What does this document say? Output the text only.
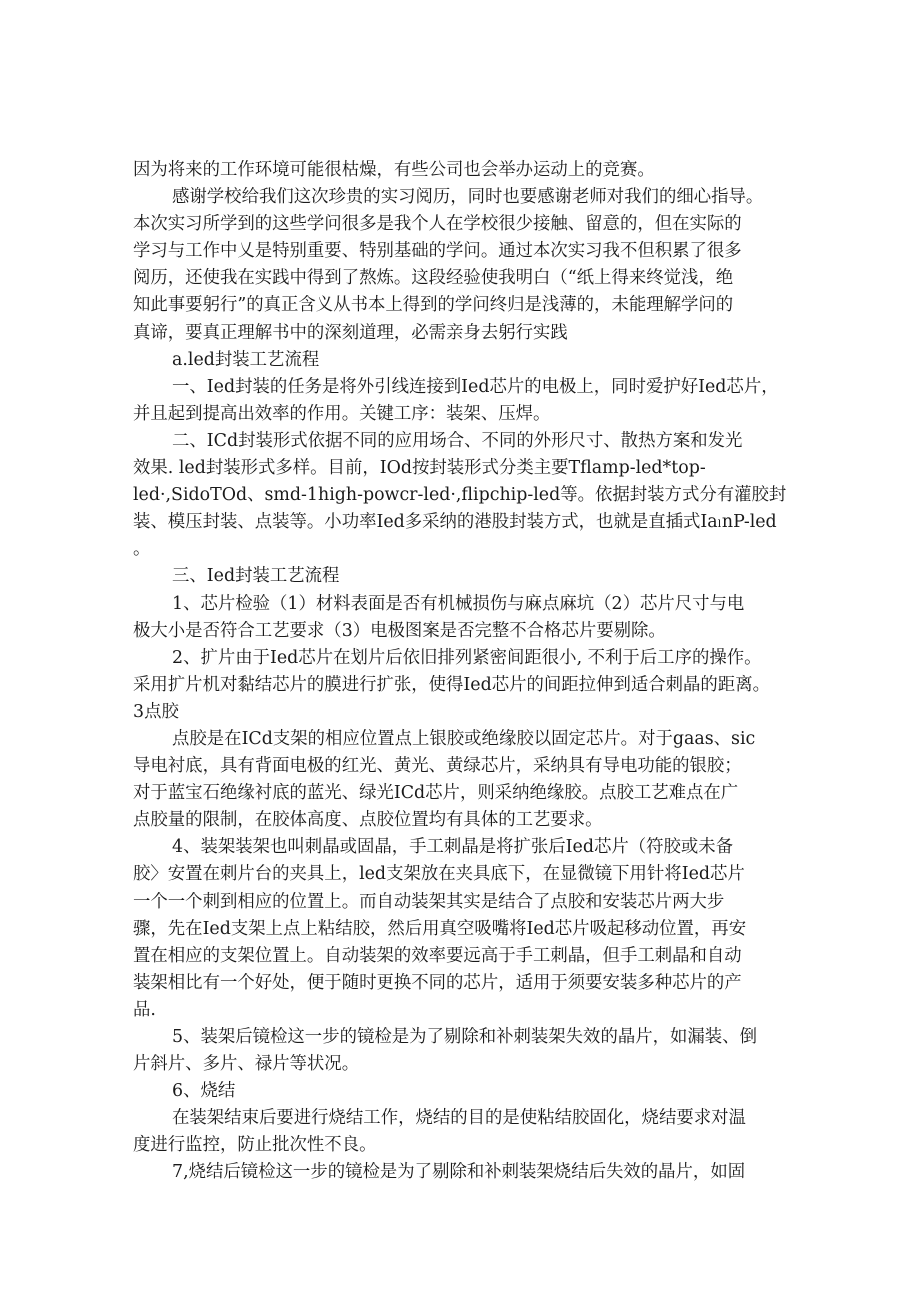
因为将来的工作环境可能很枯燥，有些公司也会举办运动上的竞赛。
感谢学校给我们这次珍贵的实习阅历，同时也要感谢老师对我们的细心指导。
本次实习所学到的这些学问很多是我个人在学校很少接触、留意的，但在实际的
学习与工作中乂是特别重要、特别基础的学问。通过本次实习我不但积累了很多
阅历，还使我在实践中得到了熬炼。这段经验使我明白（“纸上得来终觉浅，绝
知此事要躬行”的真正含义从书本上得到的学问终归是浅薄的，未能理解学问的
真谛，要真正理解书中的深刻道理，必需亲身去躬行实践
a.led封装工艺流程
一、Ied封装的任务是将外引线连接到Ied芯片的电极上，同时爱护好Ied芯片，
并且起到提高出效率的作用。关键工序：装架、压焊。
二、ICd封装形式依据不同的应用场合、不同的外形尺寸、散热方案和发光
效果. led封装形式多样。目前，IOd按封装形式分类主要Tflamp-led*top-
led·,SidoTOd、smd-1high-powcr-led·,flipchip-led等。依据封装方式分有灌胶封
装、模压封装、点装等。小功率Ied多采纳的港股封装方式，也就是直插式IaₗnP-led
。
三、Ied封装工艺流程
1、芯片检验（1）材料表面是否有机械损伤与麻点麻坑（2）芯片尺寸与电
极大小是否符合工艺要求（3）电极图案是否完整不合格芯片要剔除。
2、扩片由于Ied芯片在划片后依旧排列紧密间距很小, 不利于后工序的操作。
采用扩片机对黏结芯片的膜进行扩张，使得Ied芯片的间距拉伸到适合刺晶的距离。
3点胶
点胶是在ICd支架的相应位置点上银胶或绝缘胶以固定芯片。对于gaas、sic
导电衬底，具有背面电极的红光、黄光、黄绿芯片，采纳具有导电功能的银胶；
对于蓝宝石绝缘衬底的蓝光、绿光ICd芯片，则采纳绝缘胶。点胶工艺难点在广
点胶量的限制，在胶体高度、点胶位置均有具体的工艺要求。
4、装架装架也叫刺晶或固晶，手工刺晶是将扩张后Ied芯片（符胶或未备
胶〉安置在刺片台的夹具上，led支架放在夹具底下，在显微镜下用针将Ied芯片
一个一个刺到相应的位置上。而自动装架其实是结合了点胶和安装芯片两大步
骤，先在Ied支架上点上粘结胶，然后用真空吸嘴将Ied芯片吸起移动位置，再安
置在相应的支架位置上。自动装架的效率要远高于手工刺晶，但手工刺晶和自动
装架相比有一个好处，便于随时更换不同的芯片，适用于须要安装多种芯片的产
品.
5、装架后镜检这一步的镜检是为了剔除和补刺装架失效的晶片，如漏装、倒
片斜片、多片、禄片等状况。
6、烧结
在装架结束后要进行烧结工作，烧结的目的是使粘结胶固化，烧结要求对温
度进行监控，防止批次性不良。
7,烧结后镜检这一步的镜检是为了剔除和补刺装架烧结后失效的晶片，如固
